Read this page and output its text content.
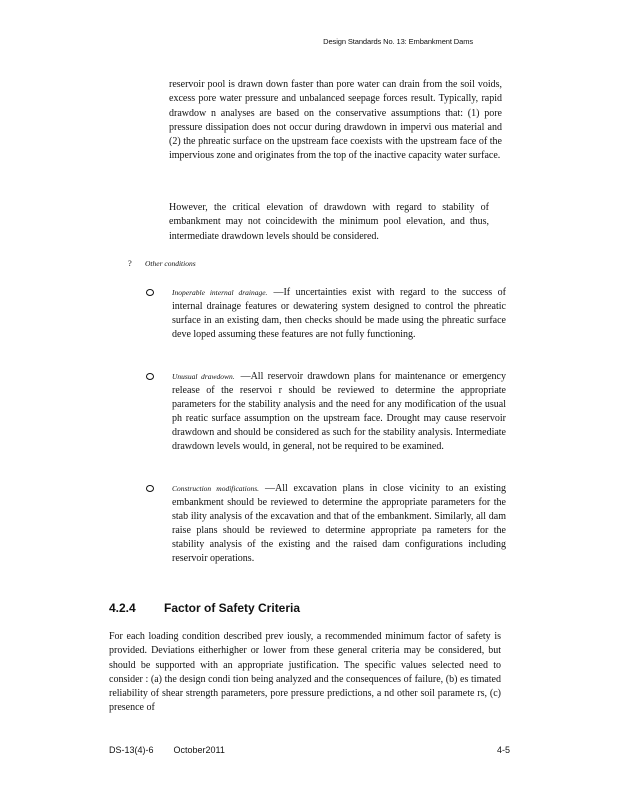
Design Standards No. 13: Embankment Dams

reservoir pool is drawn down faster than pore water can drain from the soil voids, excess pore water pressure and unbalanced seepage forces result. Typically, rapid drawdow n analyses are based on the conservative assumptions that: (1) pore pressure dissipation does not occur during drawdown in impervi ous material and (2) the phreatic surface on the upstream face coexists with the upstream face of the impervious zone and originates from the top of the inactive capacity water surface.

However, the critical elevation of drawdown with regard to stability of embankment may not coincidewith the minimum pool elevation, and thus, intermediate drawdown levels should be considered.

? Other conditions

Inoperable internal drainage. —If uncertainties exist with regard to the success of internal drainage features or dewatering system designed to control the phreatic surface in an existing dam, then checks should be made using the phreatic surface deve loped assuming these features are not fully functioning.

Unusual drawdown. —All reservoir drawdown plans for maintenance or emergency release of the reservoi r should be reviewed to determine the appropriate parameters for the stability analysis and the need for any modification of the usual ph reatic surface assumption on the upstream face. Drought may cause reservoir drawdown and should be considered as such for the stability analysis. Intermediate drawdown levels would, in general, not be required to be examined.

Construction modifications. —All excavation plans in close vicinity to an existing embankment should be reviewed to determine the appropriate parameters for the stab ility analysis of the excavation and that of the embankment. Similarly, all dam raise plans should be reviewed to determine appropriate pa rameters for the stability analysis of the existing and the raised dam configurations including reservoir operations.

4.2.4 Factor of Safety Criteria

For each loading condition described prev iously, a recommended minimum factor of safety is provided. Deviations eitherhigher or lower from these general criteria may be considered, but should be supported with an appropriate justification. The specific values selected need to consider : (a) the design condi tion being analyzed and the consequences of failure, (b) es timated reliability of shear strength parameters, pore pressure predictions, a nd other soil paramete rs, (c) presence of

DS-13(4)-6 October2011	4-5
